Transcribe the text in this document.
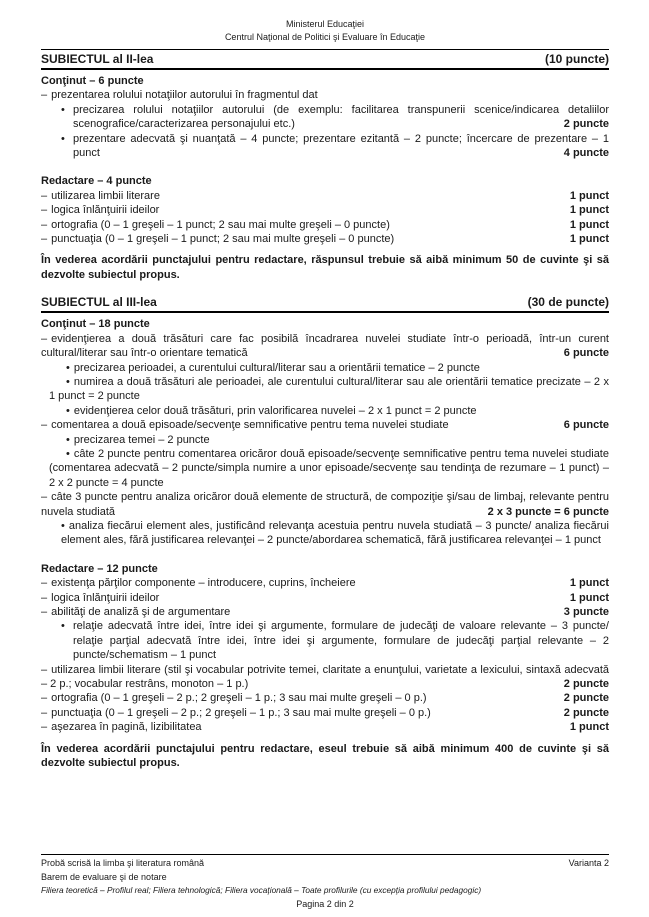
Ministerul Educaţiei
Centrul Naţional de Politici şi Evaluare în Educaţie
SUBIECTUL al II-lea	(10 puncte)
Conţinut – 6 puncte
– prezentarea rolului notaţiilor autorului în fragmentul dat
• precizarea rolului notaţiilor autorului (de exemplu: facilitarea transpunerii scenice/indicarea detaliilor scenografice/caracterizarea personajului etc.)	2 puncte
• prezentare adecvată şi nuanţată – 4 puncte; prezentare ezitantă – 2 puncte; încercare de prezentare – 1 punct	4 puncte
Redactare – 4 puncte
– utilizarea limbii literare	1 punct
– logica înlănţuirii ideilor	1 punct
– ortografia (0 – 1 greşeli – 1 punct; 2 sau mai multe greşeli – 0 puncte)	1 punct
– punctuaţia (0 – 1 greşeli – 1 punct; 2 sau mai multe greşeli – 0 puncte)	1 punct
În vederea acordării punctajului pentru redactare, răspunsul trebuie să aibă minimum 50 de cuvinte şi să dezvolte subiectul propus.
SUBIECTUL al III-lea	(30 de puncte)
Conţinut – 18 puncte
– evidenţierea a două trăsături care fac posibilă încadrarea nuvelei studiate într-o perioadă, într-un curent cultural/literar sau într-o orientare tematică	6 puncte
• precizarea perioadei, a curentului cultural/literar sau a orientării tematice – 2 puncte
• numirea a două trăsături ale perioadei, ale curentului cultural/literar sau ale orientării tematice precizate – 2 x 1 punct = 2 puncte
• evidenţierea celor două trăsături, prin valorificarea nuvelei – 2 x 1 punct = 2 puncte
– comentarea a două episoade/secvenţe semnificative pentru tema nuvelei studiate	6 puncte
• precizarea temei – 2 puncte
• câte 2 puncte pentru comentarea oricăror două episoade/secvenţe semnificative pentru tema nuvelei studiate (comentarea adecvată – 2 puncte/simpla numire a unor episoade/secvenţe sau tendinţa de rezumare – 1 punct) – 2 x 2 puncte = 4 puncte
– câte 3 puncte pentru analiza oricăror două elemente de structură, de compoziţie şi/sau de limbaj, relevante pentru nuvela studiată	2 x 3 puncte = 6 puncte
• analiza fiecărui element ales, justificând relevanţa acestuia pentru nuvela studiată – 3 puncte/ analiza fiecărui element ales, fără justificarea relevanţei – 2 puncte/abordarea schematică, fără justificarea relevanţei – 1 punct
Redactare – 12 puncte
– existenţa părţilor componente – introducere, cuprins, încheiere	1 punct
– logica înlănţuirii ideilor	1 punct
– abilităţi de analiză şi de argumentare	3 puncte
• relaţie adecvată între idei, între idei şi argumente, formulare de judecăţi de valoare relevante – 3 puncte/ relaţie parţial adecvată între idei, între idei şi argumente, formulare de judecăţi parţial relevante – 2 puncte/schematism – 1 punct
– utilizarea limbii literare (stil şi vocabular potrivite temei, claritate a enunţului, varietate a lexicului, sintaxă adecvată – 2 p.; vocabular restrâns, monoton – 1 p.)	2 puncte
– ortografia (0 – 1 greşeli – 2 p.; 2 greşeli – 1 p.; 3 sau mai multe greşeli – 0 p.)	2 puncte
– punctuaţia (0 – 1 greşeli – 2 p.; 2 greşeli – 1 p.; 3 sau mai multe greşeli – 0 p.)	2 puncte
– aşezarea în pagină, lizibilitatea	1 punct
În vederea acordării punctajului pentru redactare, eseul trebuie să aibă minimum 400 de cuvinte şi să dezvolte subiectul propus.
Probă scrisă la limba şi literatura română	Varianta 2
Barem de evaluare şi de notare
Filiera teoretică – Profilul real; Filiera tehnologică; Filiera vocaţională – Toate profilurile (cu excepţia profilului pedagogic)
Pagina 2 din 2
